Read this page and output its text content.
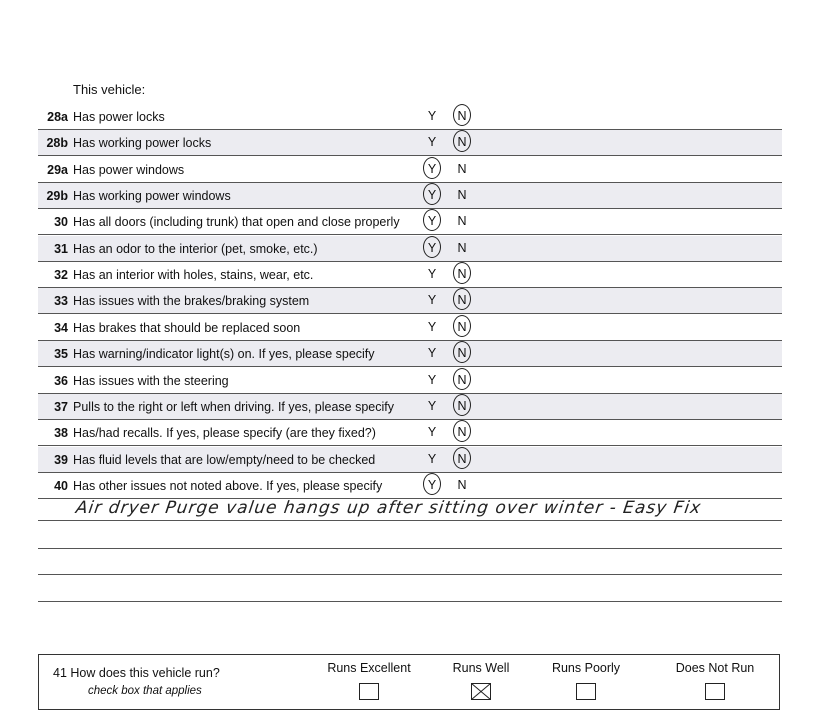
This vehicle:
28a Has power locks	Y	N
28b Has working power locks	Y	N
29a Has power windows	Y	N
29b Has working power windows	Y	N
30 Has all doors (including trunk) that open and close properly	Y	N
31 Has an odor to the interior (pet, smoke, etc.)	Y	N
32 Has an interior with holes, stains, wear, etc.	Y	N
33 Has issues with the brakes/braking system	Y	N
34 Has brakes that should be replaced soon	Y	N
35 Has warning/indicator light(s) on. If yes, please specify	Y	N
36 Has issues with the steering	Y	N
37 Pulls to the right or left when driving. If yes, please specify	Y	N
38 Has/had recalls. If yes, please specify (are they fixed?)	Y	N
39 Has fluid levels that are low/empty/need to be checked	Y	N
40 Has other issues not noted above. If yes, please specify	Y	N
Air dryer Purge value hangs up after sitting over winter - Easy Fix
41 How does this vehicle run?
check box that applies
Runs Excellent	Runs Well	Runs Poorly	Does Not Run
